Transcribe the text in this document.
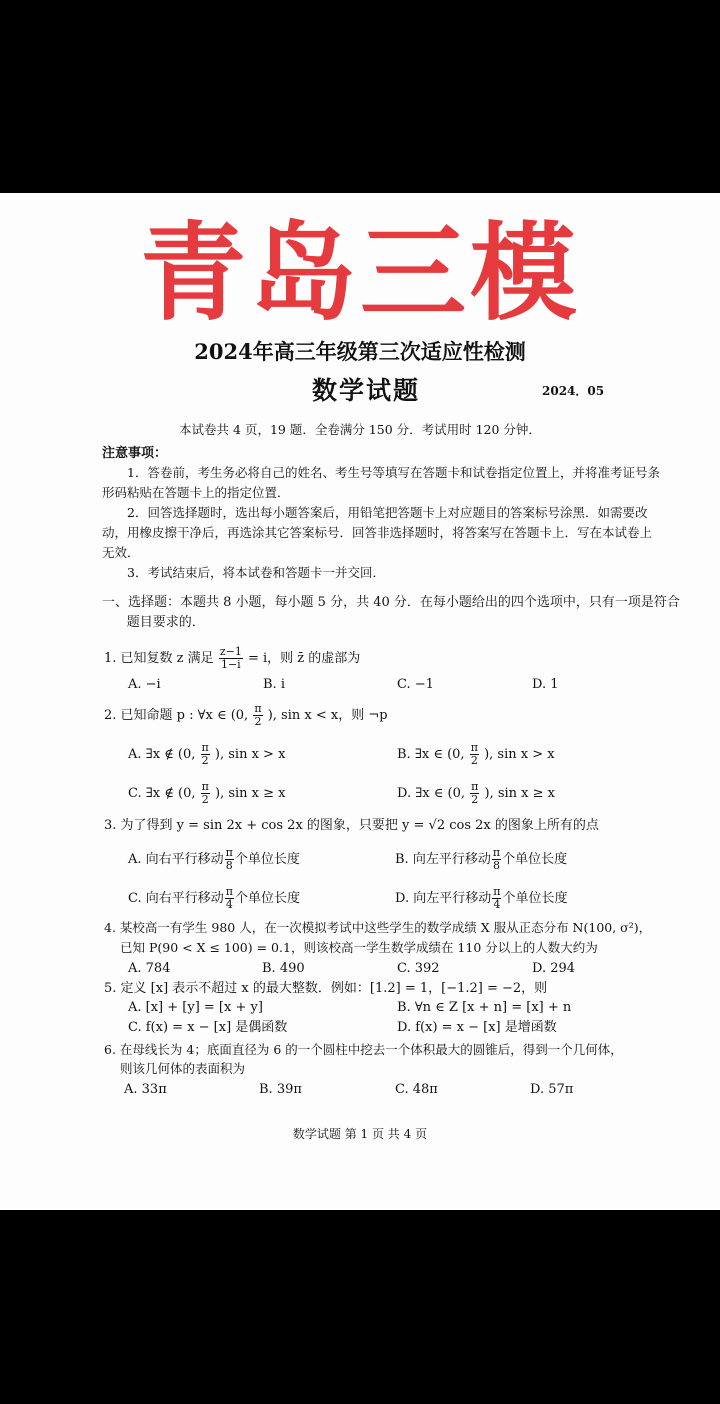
青岛三模
2024年高三年级第三次适应性检测
数学试题	2024．05
本试卷共 4 页，19 题．全卷满分 150 分．考试用时 120 分钟．
注意事项：
1．答卷前，考生务必将自己的姓名、考生号等填写在答题卡和试卷指定位置上，并将准考证号条形码粘贴在答题卡上的指定位置．
2．回答选择题时，选出每小题答案后，用铅笔把答题卡上对应题目的答案标号涂黑．如需要改动，用橡皮擦干净后，再选涂其它答案标号．回答非选择题时，将答案写在答题卡上．写在本试卷上无效．
3．考试结束后，将本试卷和答题卡一并交回．
一、选择题：本题共 8 小题，每小题 5 分，共 40 分．在每小题给出的四个选项中，只有一项是符合题目要求的．
1. 已知复数 z 满足 $\frac{z-1}{1-i} = i$，则 z̄ 的虚部为
A. −i	B. i	C. −1	D. 1
2. 已知命题 p : ∀x ∈ (0, $\frac{\pi}{2}$ ), sin x < x，则 ¬p
A. ∃x ∉ (0, $\frac{\pi}{2}$ ), sin x > x	B. ∃x ∈ (0, $\frac{\pi}{2}$ ), sin x > x
C. ∃x ∉ (0, $\frac{\pi}{2}$ ), sin x ≥ x	D. ∃x ∈ (0, $\frac{\pi}{2}$ ), sin x ≥ x
3. 为了得到 y = sin 2x + cos 2x 的图象，只要把 y = √2 cos 2x 的图象上所有的点
A. 向右平行移动 $\frac{\pi}{8}$ 个单位长度	B. 向左平行移动 $\frac{\pi}{8}$ 个单位长度
C. 向右平行移动 $\frac{\pi}{4}$ 个单位长度	D. 向左平行移动 $\frac{\pi}{4}$ 个单位长度
4. 某校高一有学生 980 人，在一次模拟考试中这些学生的数学成绩 X 服从正态分布 N(100, σ²)，
已知 P(90 < X ≤ 100) = 0.1，则该校高一学生数学成绩在 110 分以上的人数大约为
A. 784	B. 490	C. 392	D. 294
5. 定义 [x] 表示不超过 x 的最大整数．例如：[1.2] = 1，[−1.2] = −2，则
A. [x] + [y] = [x + y]	B. ∀n ∈ Z [x + n] = [x] + n
C. f(x) = x − [x] 是偶函数	D. f(x) = x − [x] 是增函数
6. 在母线长为 4；底面直径为 6 的一个圆柱中挖去一个体积最大的圆锥后，得到一个几何体，
则该几何体的表面积为
A. 33π	B. 39π	C. 48π	D. 57π
数学试题 第 1 页 共 4 页
